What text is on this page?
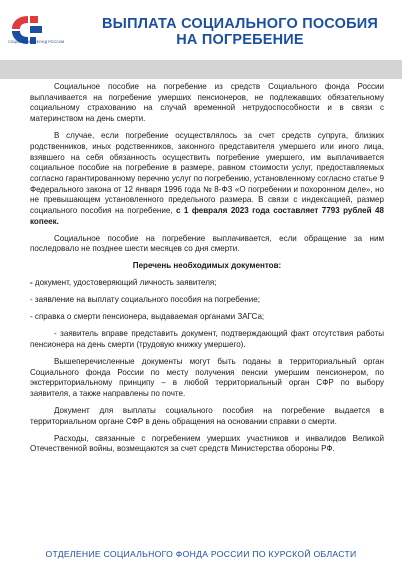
СОЦИАЛЬНЫЙ ФОНД РОССИИ
ВЫПЛАТА СОЦИАЛЬНОГО ПОСОБИЯ
НА ПОГРЕБЕНИЕ

Социальное пособие на погребение из средств Социального фонда России выплачивается на погребение умерших пенсионеров, не подлежавших обязательному социальному страхованию на случай временной нетрудоспособности и в связи с материнством на день смерти.

В случае, если погребение осуществлялось за счет средств супруга, близких родственников, иных родственников, законного представителя умершего или иного лица, взявшего на себя обязанность осуществить погребение умершего, им выплачивается социальное пособие на погребение в размере, равном стоимости услуг, предоставляемых согласно гарантированному перечню услуг по погребению, установленному согласно статье 9 Федерального закона от 12 января 1996 года № 8-ФЗ «О погребении и похоронном деле», но не превышающем установленного предельного размера. В связи с индексацией, размер социального пособия на погребение, с 1 февраля 2023 года составляет 7793 рублей 48 копеек.

Социальное пособие на погребение выплачивается, если обращение за ним последовало не позднее шести месяцев со дня смерти.

Перечень необходимых документов:

- документ, удостоверяющий личность заявителя;

- заявление на выплату социального пособия на погребение;

- справка о смерти пенсионера, выдаваемая органами ЗАГСа;

- заявитель вправе представить документ, подтверждающий факт отсутствия работы пенсионера на день смерти (трудовую книжку умершего).

Вышеперечисленные документы могут быть поданы в территориальный орган Социального фонда России по месту получения пенсии умершим пенсионером, по экстерриториальному принципу – в любой территориальный орган СФР по выбору заявителя, а также направлены по почте.

Документ для выплаты социального пособия на погребение выдается в территориальном органе СФР в день обращения на основании справки о смерти.

Расходы, связанные с погребением умерших участников и инвалидов Великой Отечественной войны, возмещаются за счет средств Министерства обороны РФ.

ОТДЕЛЕНИЕ СОЦИАЛЬНОГО ФОНДА РОССИИ ПО КУРСКОЙ ОБЛАСТИ
